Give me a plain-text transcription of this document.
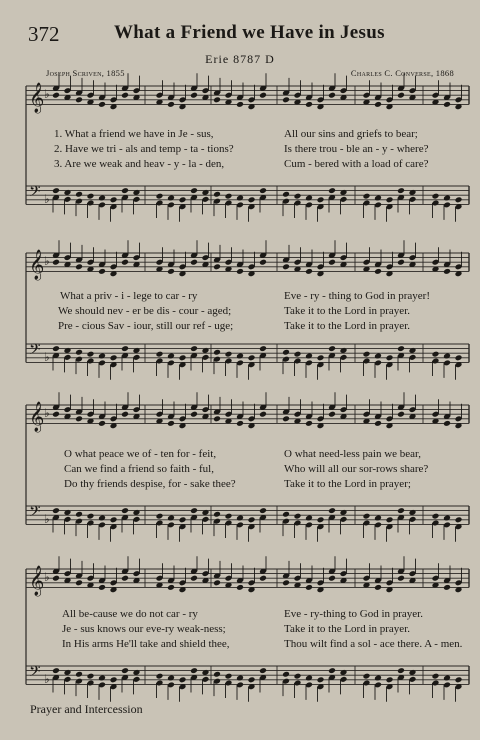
372	What a Friend we Have in Jesus
Erie 8787 D
Joseph Scriven, 1855	Charles C. Converse, 1868
𝄞 ♭
𝄞 ♭
𝄞 ♭
𝄞 ♭
𝄢 ♭
𝄢 ♭
𝄢 ♭
𝄢 ♭
1. What a friend we have in Je - sus,
2. Have we tri - als and temp - ta - tions?
3. Are we weak and heav - y - la - den,
All our sins and griefs to bear;
Is there trou - ble an - y - where?
Cum - bered with a load of care?
What a priv - i - lege to car - ry
We should nev - er be dis - cour - aged;
Pre - cious Sav - iour, still our ref - uge;
Eve - ry - thing to God in prayer!
Take it to the Lord in prayer.
Take it to the Lord in prayer.
O what peace we of - ten for - feit,
Can we find a friend so faith - ful,
Do thy friends despise, for - sake thee?
O what need-less pain we bear,
Who will all our sor-rows share?
Take it to the Lord in prayer;
All be-cause we do not car - ry
Je - sus knows our eve-ry weak-ness;
In His arms He'll take and shield thee,
Eve - ry-thing to God in prayer.
Take it to the Lord in prayer.
Thou wilt find a sol - ace there. A - men.
Prayer and Intercession
